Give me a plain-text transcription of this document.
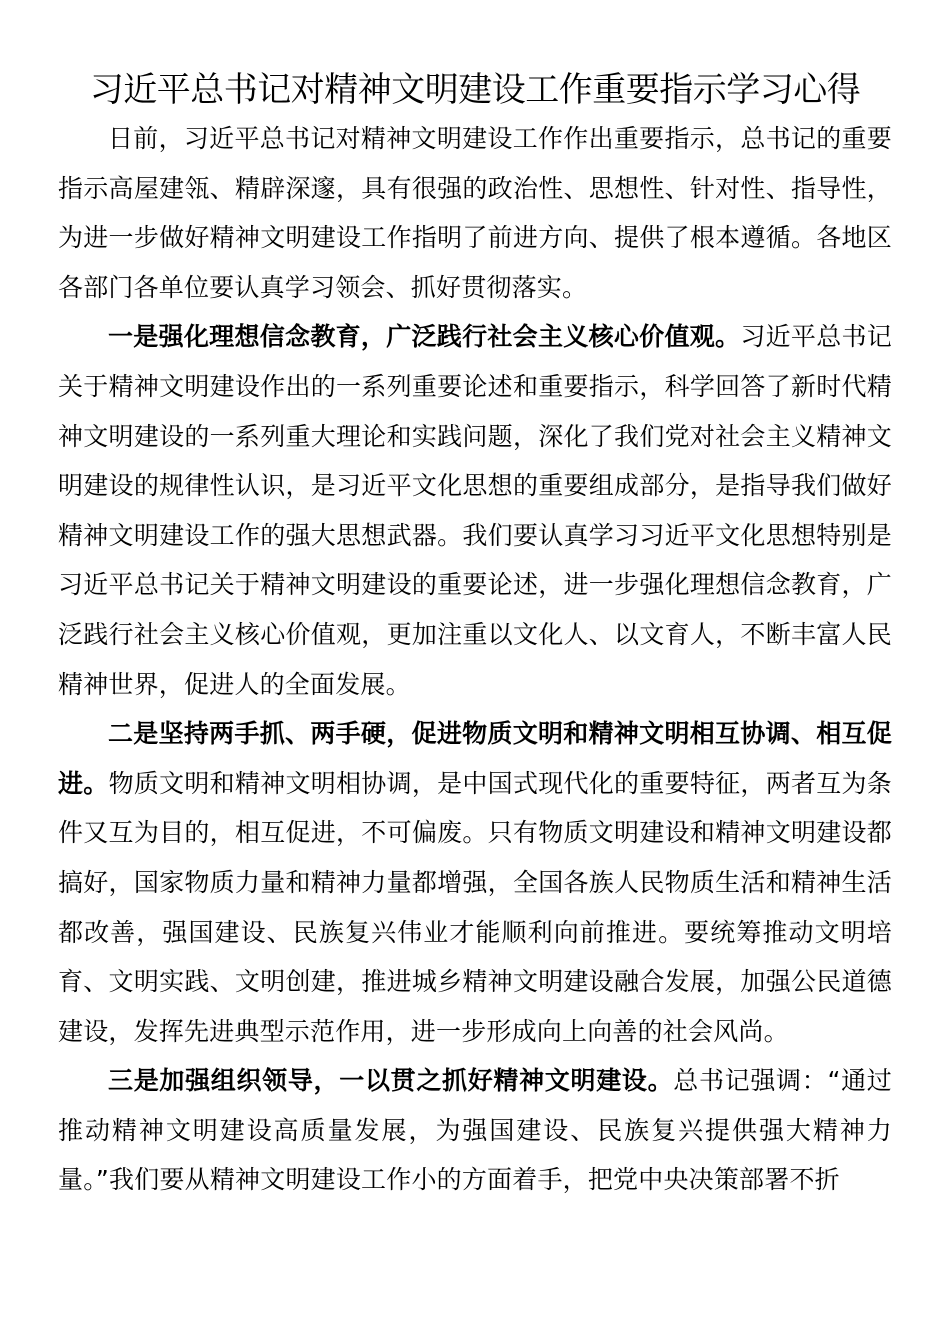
习近平总书记对精神文明建设工作重要指示学习心得

日前，习近平总书记对精神文明建设工作作出重要指示，总书记的重要指示高屋建瓴、精辟深邃，具有很强的政治性、思想性、针对性、指导性，为进一步做好精神文明建设工作指明了前进方向、提供了根本遵循。各地区各部门各单位要认真学习领会、抓好贯彻落实。

一是强化理想信念教育，广泛践行社会主义核心价值观。习近平总书记关于精神文明建设作出的一系列重要论述和重要指示，科学回答了新时代精神文明建设的一系列重大理论和实践问题，深化了我们党对社会主义精神文明建设的规律性认识，是习近平文化思想的重要组成部分，是指导我们做好精神文明建设工作的强大思想武器。我们要认真学习习近平文化思想特别是习近平总书记关于精神文明建设的重要论述，进一步强化理想信念教育，广泛践行社会主义核心价值观，更加注重以文化人、以文育人，不断丰富人民精神世界，促进人的全面发展。

二是坚持两手抓、两手硬，促进物质文明和精神文明相互协调、相互促进。物质文明和精神文明相协调，是中国式现代化的重要特征，两者互为条件又互为目的，相互促进，不可偏废。只有物质文明建设和精神文明建设都搞好，国家物质力量和精神力量都增强，全国各族人民物质生活和精神生活都改善，强国建设、民族复兴伟业才能顺利向前推进。要统筹推动文明培育、文明实践、文明创建，推进城乡精神文明建设融合发展，加强公民道德建设，发挥先进典型示范作用，进一步形成向上向善的社会风尚。

三是加强组织领导，一以贯之抓好精神文明建设。总书记强调：“通过推动精神文明建设高质量发展，为强国建设、民族复兴提供强大精神力量。”我们要从精神文明建设工作小的方面着手，把党中央决策部署不折
